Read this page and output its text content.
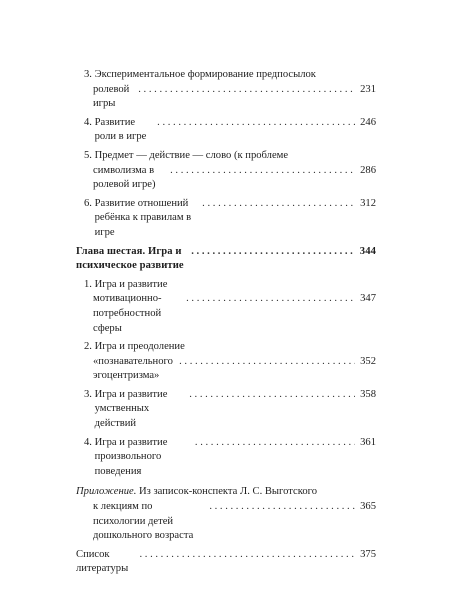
3. Экспериментальное формирование предпосылок
ролевой игры
. . .
231
4.
Развитие роли в игре
. . .
246
5. Предмет — действие — слово (к проблеме
символизма в ролевой игре)
. . .
286
6.
Развитие отношений ребёнка к правилам в игре
. . .
312
Глава шестая. Игра и психическое развитие
. . .
344
1. Игра и развитие
мотивационно-потребностной сферы
. . .
347
2. Игра и преодоление
«познавательного эгоцентризма»
. . .
352
3.
Игра и развитие умственных действий
. . .
358
4.
Игра и развитие произвольного поведения
. . .
361
Приложение. Из записок-конспекта Л. С. Выготского
к лекциям по психологии детей дошкольного возраста
. . .
365
Список литературы
. . .
375
